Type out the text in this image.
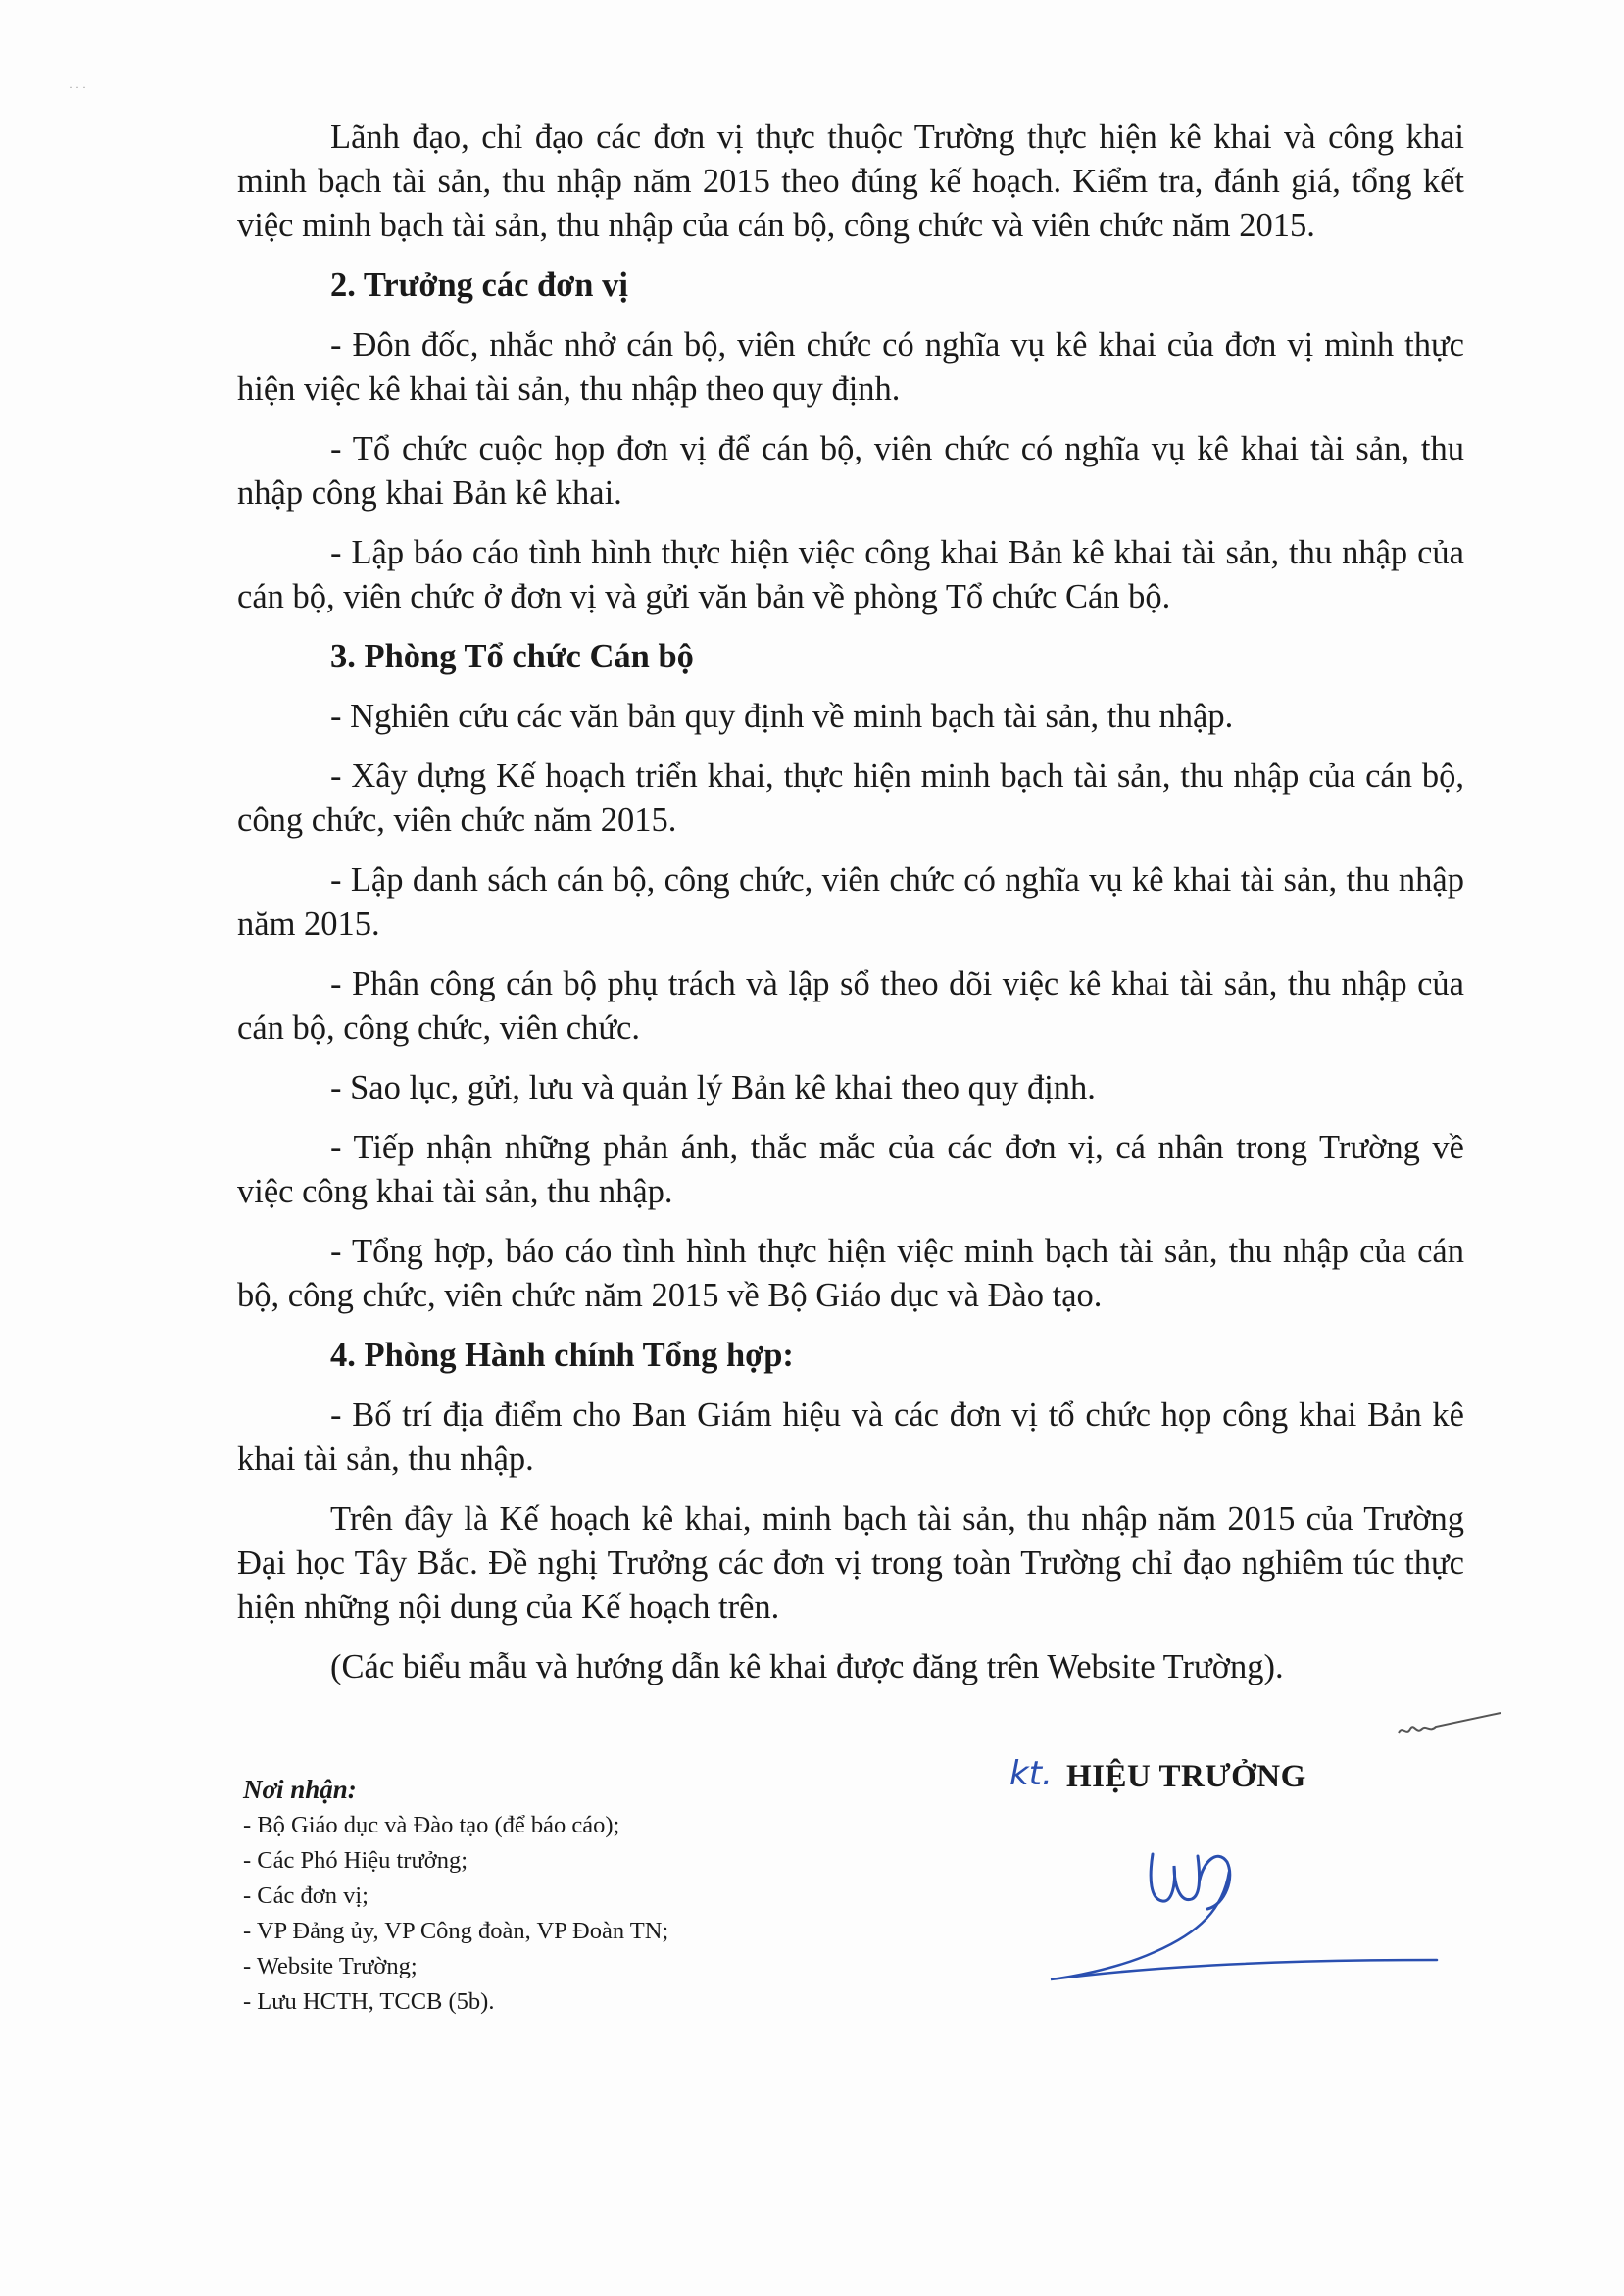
· · ·

Lãnh đạo, chỉ đạo các đơn vị thực thuộc Trường thực hiện kê khai và công khai minh bạch tài sản, thu nhập năm 2015 theo đúng kế hoạch. Kiểm tra, đánh giá, tổng kết việc minh bạch tài sản, thu nhập của cán bộ, công chức và viên chức năm 2015.

2. Trưởng các đơn vị

- Đôn đốc, nhắc nhở cán bộ, viên chức có nghĩa vụ kê khai của đơn vị mình thực hiện việc kê khai tài sản, thu nhập theo quy định.

- Tổ chức cuộc họp đơn vị để cán bộ, viên chức có nghĩa vụ kê khai tài sản, thu nhập công khai Bản kê khai.

- Lập báo cáo tình hình thực hiện việc công khai Bản kê khai tài sản, thu nhập của cán bộ, viên chức ở đơn vị và gửi văn bản về phòng Tổ chức Cán bộ.

3. Phòng Tổ chức Cán bộ

- Nghiên cứu các văn bản quy định về minh bạch tài sản, thu nhập.

- Xây dựng Kế hoạch triển khai, thực hiện minh bạch tài sản, thu nhập của cán bộ, công chức, viên chức năm 2015.

- Lập danh sách cán bộ, công chức, viên chức có nghĩa vụ kê khai tài sản, thu nhập năm 2015.

- Phân công cán bộ phụ trách và lập sổ theo dõi việc kê khai tài sản, thu nhập của cán bộ, công chức, viên chức.

- Sao lục, gửi, lưu và quản lý Bản kê khai theo quy định.

- Tiếp nhận những phản ánh, thắc mắc của các đơn vị, cá nhân trong Trường về việc công khai tài sản, thu nhập.

- Tổng hợp, báo cáo tình hình thực hiện việc minh bạch tài sản, thu nhập của cán bộ, công chức, viên chức năm 2015 về Bộ Giáo dục và Đào tạo.

4. Phòng Hành chính Tổng hợp:

- Bố trí địa điểm cho Ban Giám hiệu và các đơn vị tổ chức họp công khai Bản kê khai tài sản, thu nhập.

Trên đây là Kế hoạch kê khai, minh bạch tài sản, thu nhập năm 2015 của Trường Đại học Tây Bắc. Đề nghị Trưởng các đơn vị trong toàn Trường chỉ đạo nghiêm túc thực hiện những nội dung của Kế hoạch trên.

(Các biểu mẫu và hướng dẫn kê khai được đăng trên Website Trường).

Nơi nhận:
- Bộ Giáo dục và Đào tạo (để báo cáo);
- Các Phó Hiệu trưởng;
- Các đơn vị;
- VP Đảng ủy, VP Công đoàn, VP Đoàn TN;
- Website Trường;
- Lưu HCTH, TCCB (5b).
kt. HIỆU TRƯỞNG
